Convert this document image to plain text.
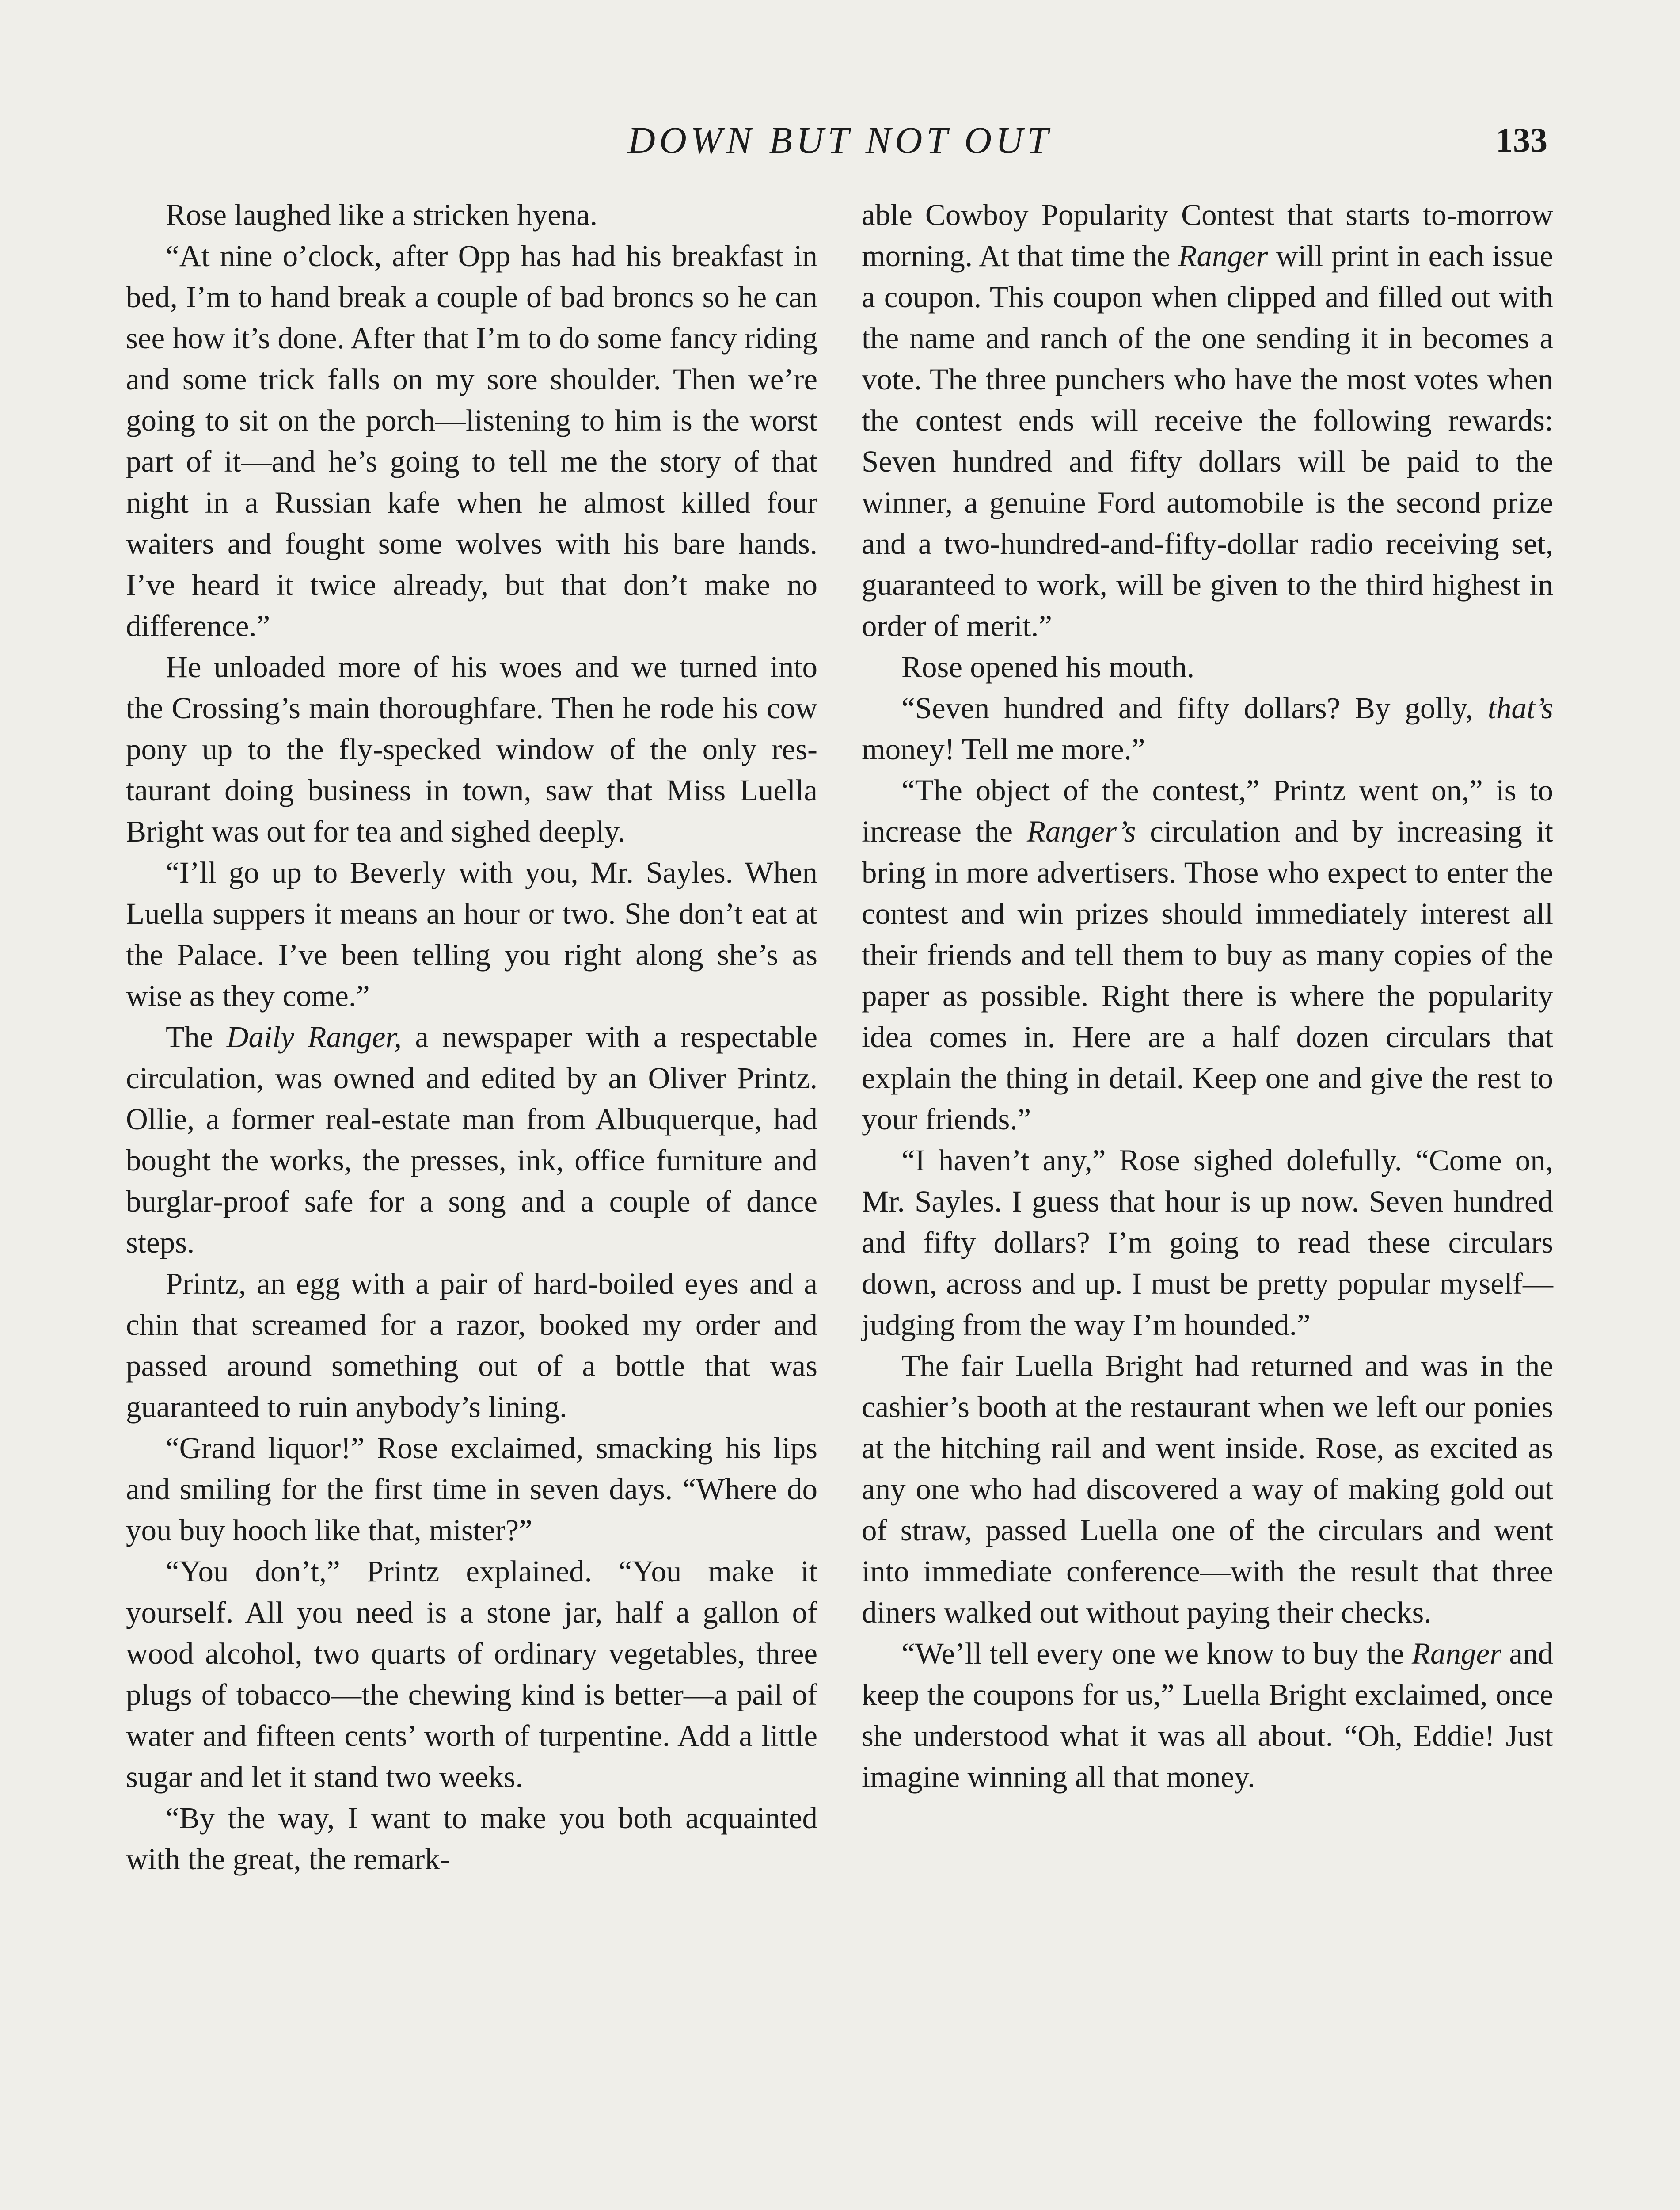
DOWN BUT NOT OUT	133

Rose laughed like a stricken hyena.

“At nine o’clock, after Opp has had his breakfast in bed, I’m to hand break a couple of bad broncs so he can see how it’s done. After that I’m to do some fancy riding and some trick falls on my sore shoulder. Then we’re going to sit on the porch—listening to him is the worst part of it—and he’s going to tell me the story of that night in a Russian kafe when he almost killed four waiters and fought some wolves with his bare hands. I’ve heard it twice already, but that don’t make no difference.”

He unloaded more of his woes and we turned into the Crossing’s main thoroughfare. Then he rode his cow pony up to the fly-specked window of the only restaurant doing business in town, saw that Miss Luella Bright was out for tea and sighed deeply.

“I’ll go up to Beverly with you, Mr. Sayles. When Luella suppers it means an hour or two. She don’t eat at the Palace. I’ve been telling you right along she’s as wise as they come.”

The Daily Ranger, a newspaper with a respectable circulation, was owned and edited by an Oliver Printz. Ollie, a former real-estate man from Albuquerque, had bought the works, the presses, ink, office furniture and burglar-proof safe for a song and a couple of dance steps.

Printz, an egg with a pair of hard-boiled eyes and a chin that screamed for a razor, booked my order and passed around something out of a bottle that was guaranteed to ruin anybody’s lining.

“Grand liquor!” Rose exclaimed, smacking his lips and smiling for the first time in seven days. “Where do you buy hooch like that, mister?”

“You don’t,” Printz explained. “You make it yourself. All you need is a stone jar, half a gallon of wood alcohol, two quarts of ordinary vegetables, three plugs of tobacco—the chewing kind is better—a pail of water and fifteen cents’ worth of turpentine. Add a little sugar and let it stand two weeks.

“By the way, I want to make you both acquainted with the great, the remark-

able Cowboy Popularity Contest that starts to-morrow morning. At that time the Ranger will print in each issue a coupon. This coupon when clipped and filled out with the name and ranch of the one sending it in becomes a vote. The three punchers who have the most votes when the contest ends will receive the following rewards: Seven hundred and fifty dollars will be paid to the winner, a genuine Ford automobile is the second prize and a two-hundred-and-fifty-dollar radio receiving set, guaranteed to work, will be given to the third highest in order of merit.”

Rose opened his mouth.

“Seven hundred and fifty dollars? By golly, that’s money! Tell me more.”

“The object of the contest,” Printz went on,” is to increase the Ranger’s circulation and by increasing it bring in more advertisers. Those who expect to enter the contest and win prizes should immediately interest all their friends and tell them to buy as many copies of the paper as possible. Right there is where the popularity idea comes in. Here are a half dozen circulars that explain the thing in detail. Keep one and give the rest to your friends.”

“I haven’t any,” Rose sighed dolefully. “Come on, Mr. Sayles. I guess that hour is up now. Seven hundred and fifty dollars? I’m going to read these circulars down, across and up. I must be pretty popular myself—judging from the way I’m hounded.”

The fair Luella Bright had returned and was in the cashier’s booth at the restaurant when we left our ponies at the hitching rail and went inside. Rose, as excited as any one who had discovered a way of making gold out of straw, passed Luella one of the circulars and went into immediate conference—with the result that three diners walked out without paying their checks.

“We’ll tell every one we know to buy the Ranger and keep the coupons for us,” Luella Bright exclaimed, once she understood what it was all about. “Oh, Eddie! Just imagine winning all that money.
